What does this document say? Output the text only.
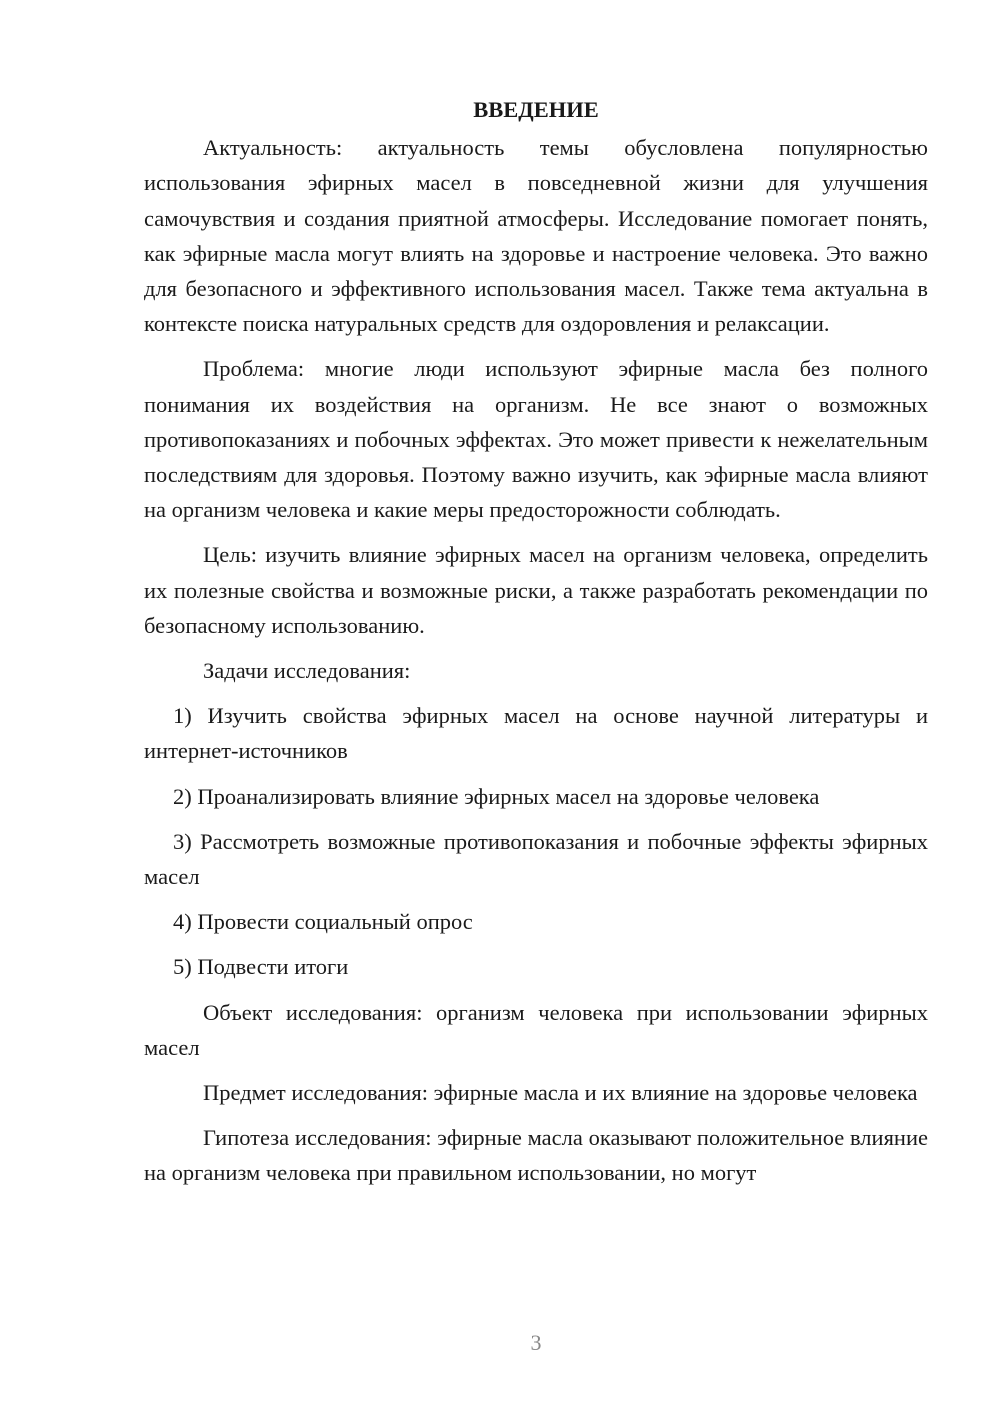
ВВЕДЕНИЕ

Актуальность: актуальность темы обусловлена популярностью использования эфирных масел в повседневной жизни для улучшения самочувствия и создания приятной атмосферы. Исследование помогает понять, как эфирные масла могут влиять на здоровье и настроение человека. Это важно для безопасного и эффективного использования масел. Также тема актуальна в контексте поиска натуральных средств для оздоровления и релаксации.

Проблема: многие люди используют эфирные масла без полного понимания их воздействия на организм. Не все знают о возможных противопоказаниях и побочных эффектах. Это может привести к нежелательным последствиям для здоровья. Поэтому важно изучить, как эфирные масла влияют на организм человека и какие меры предосторожности соблюдать.

Цель: изучить влияние эфирных масел на организм человека, определить их полезные свойства и возможные риски, а также разработать рекомендации по безопасному использованию.

Задачи исследования:

1) Изучить свойства эфирных масел на основе научной литературы и интернет-источников

2) Проанализировать влияние эфирных масел на здоровье человека

3) Рассмотреть возможные противопоказания и побочные эффекты эфирных масел

4) Провести социальный опрос

5) Подвести итоги

Объект исследования: организм человека при использовании эфирных масел

Предмет исследования: эфирные масла и их влияние на здоровье человека

Гипотеза исследования: эфирные масла оказывают положительное влияние на организм человека при правильном использовании, но могут

3
